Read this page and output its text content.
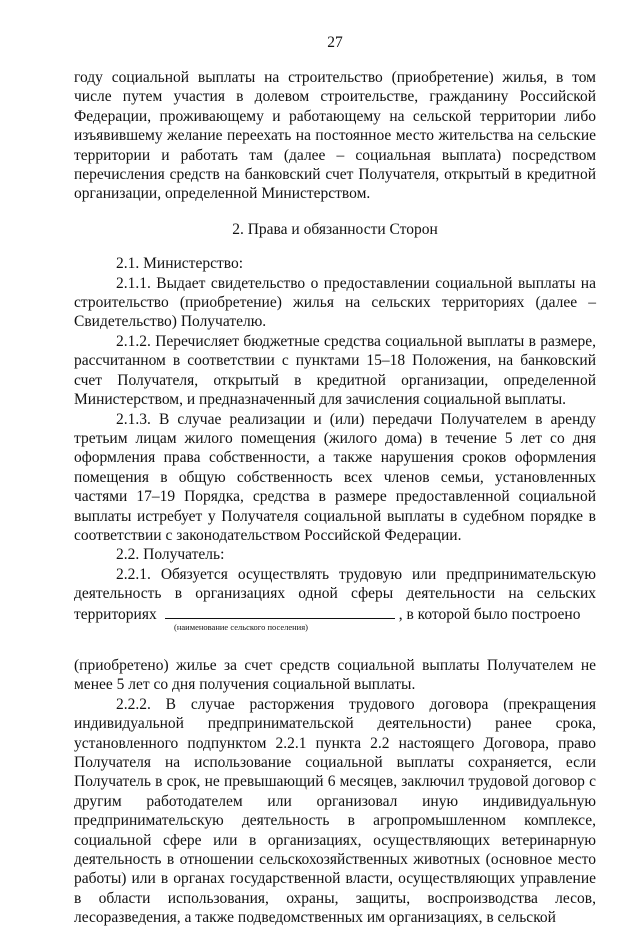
27

году социальной выплаты на строительство (приобретение) жилья, в том числе путем участия в долевом строительстве, гражданину Российской Федерации, проживающему и работающему на сельской территории либо изъявившему желание переехать на постоянное место жительства на сельские территории и работать там (далее – социальная выплата) посредством перечисления средств на банковский счет Получателя, открытый в кредитной организации, определенной Министерством.

2. Права и обязанности Сторон

2.1. Министерство:

2.1.1. Выдает свидетельство о предоставлении социальной выплаты на строительство (приобретение) жилья на сельских территориях (далее – Свидетельство) Получателю.

2.1.2. Перечисляет бюджетные средства социальной выплаты в размере, рассчитанном в соответствии с пунктами 15–18 Положения, на банковский счет Получателя, открытый в кредитной организации, определенной Министерством, и предназначенный для зачисления социальной выплаты.

2.1.3. В случае реализации и (или) передачи Получателем в аренду третьим лицам жилого помещения (жилого дома) в течение 5 лет со дня оформления права собственности, а также нарушения сроков оформления помещения в общую собственность всех членов семьи, установленных частями 17–19 Порядка, средства в размере предоставленной социальной выплаты истребует у Получателя социальной выплаты в судебном порядке в соответствии с законодательством Российской Федерации.

2.2. Получатель:

2.2.1. Обязуется осуществлять трудовую или предпринимательскую деятельность в организациях одной сферы деятельности на сельских

территориях	, в которой было построено
(наименование сельского поселения)

(приобретено) жилье за счет средств социальной выплаты Получателем не менее 5 лет со дня получения социальной выплаты.

2.2.2. В случае расторжения трудового договора (прекращения индивидуальной предпринимательской деятельности) ранее срока, установленного подпунктом 2.2.1 пункта 2.2 настоящего Договора, право Получателя на использование социальной выплаты сохраняется, если Получатель в срок, не превышающий 6 месяцев, заключил трудовой договор с другим работодателем или организовал иную индивидуальную предпринимательскую деятельность в агропромышленном комплексе, социальной сфере или в организациях, осуществляющих ветеринарную деятельность в отношении сельскохозяйственных животных (основное место работы) или в органах государственной власти, осуществляющих управление в области использования, охраны, защиты, воспроизводства лесов, лесоразведения, а также подведомственных им организациях, в сельской
